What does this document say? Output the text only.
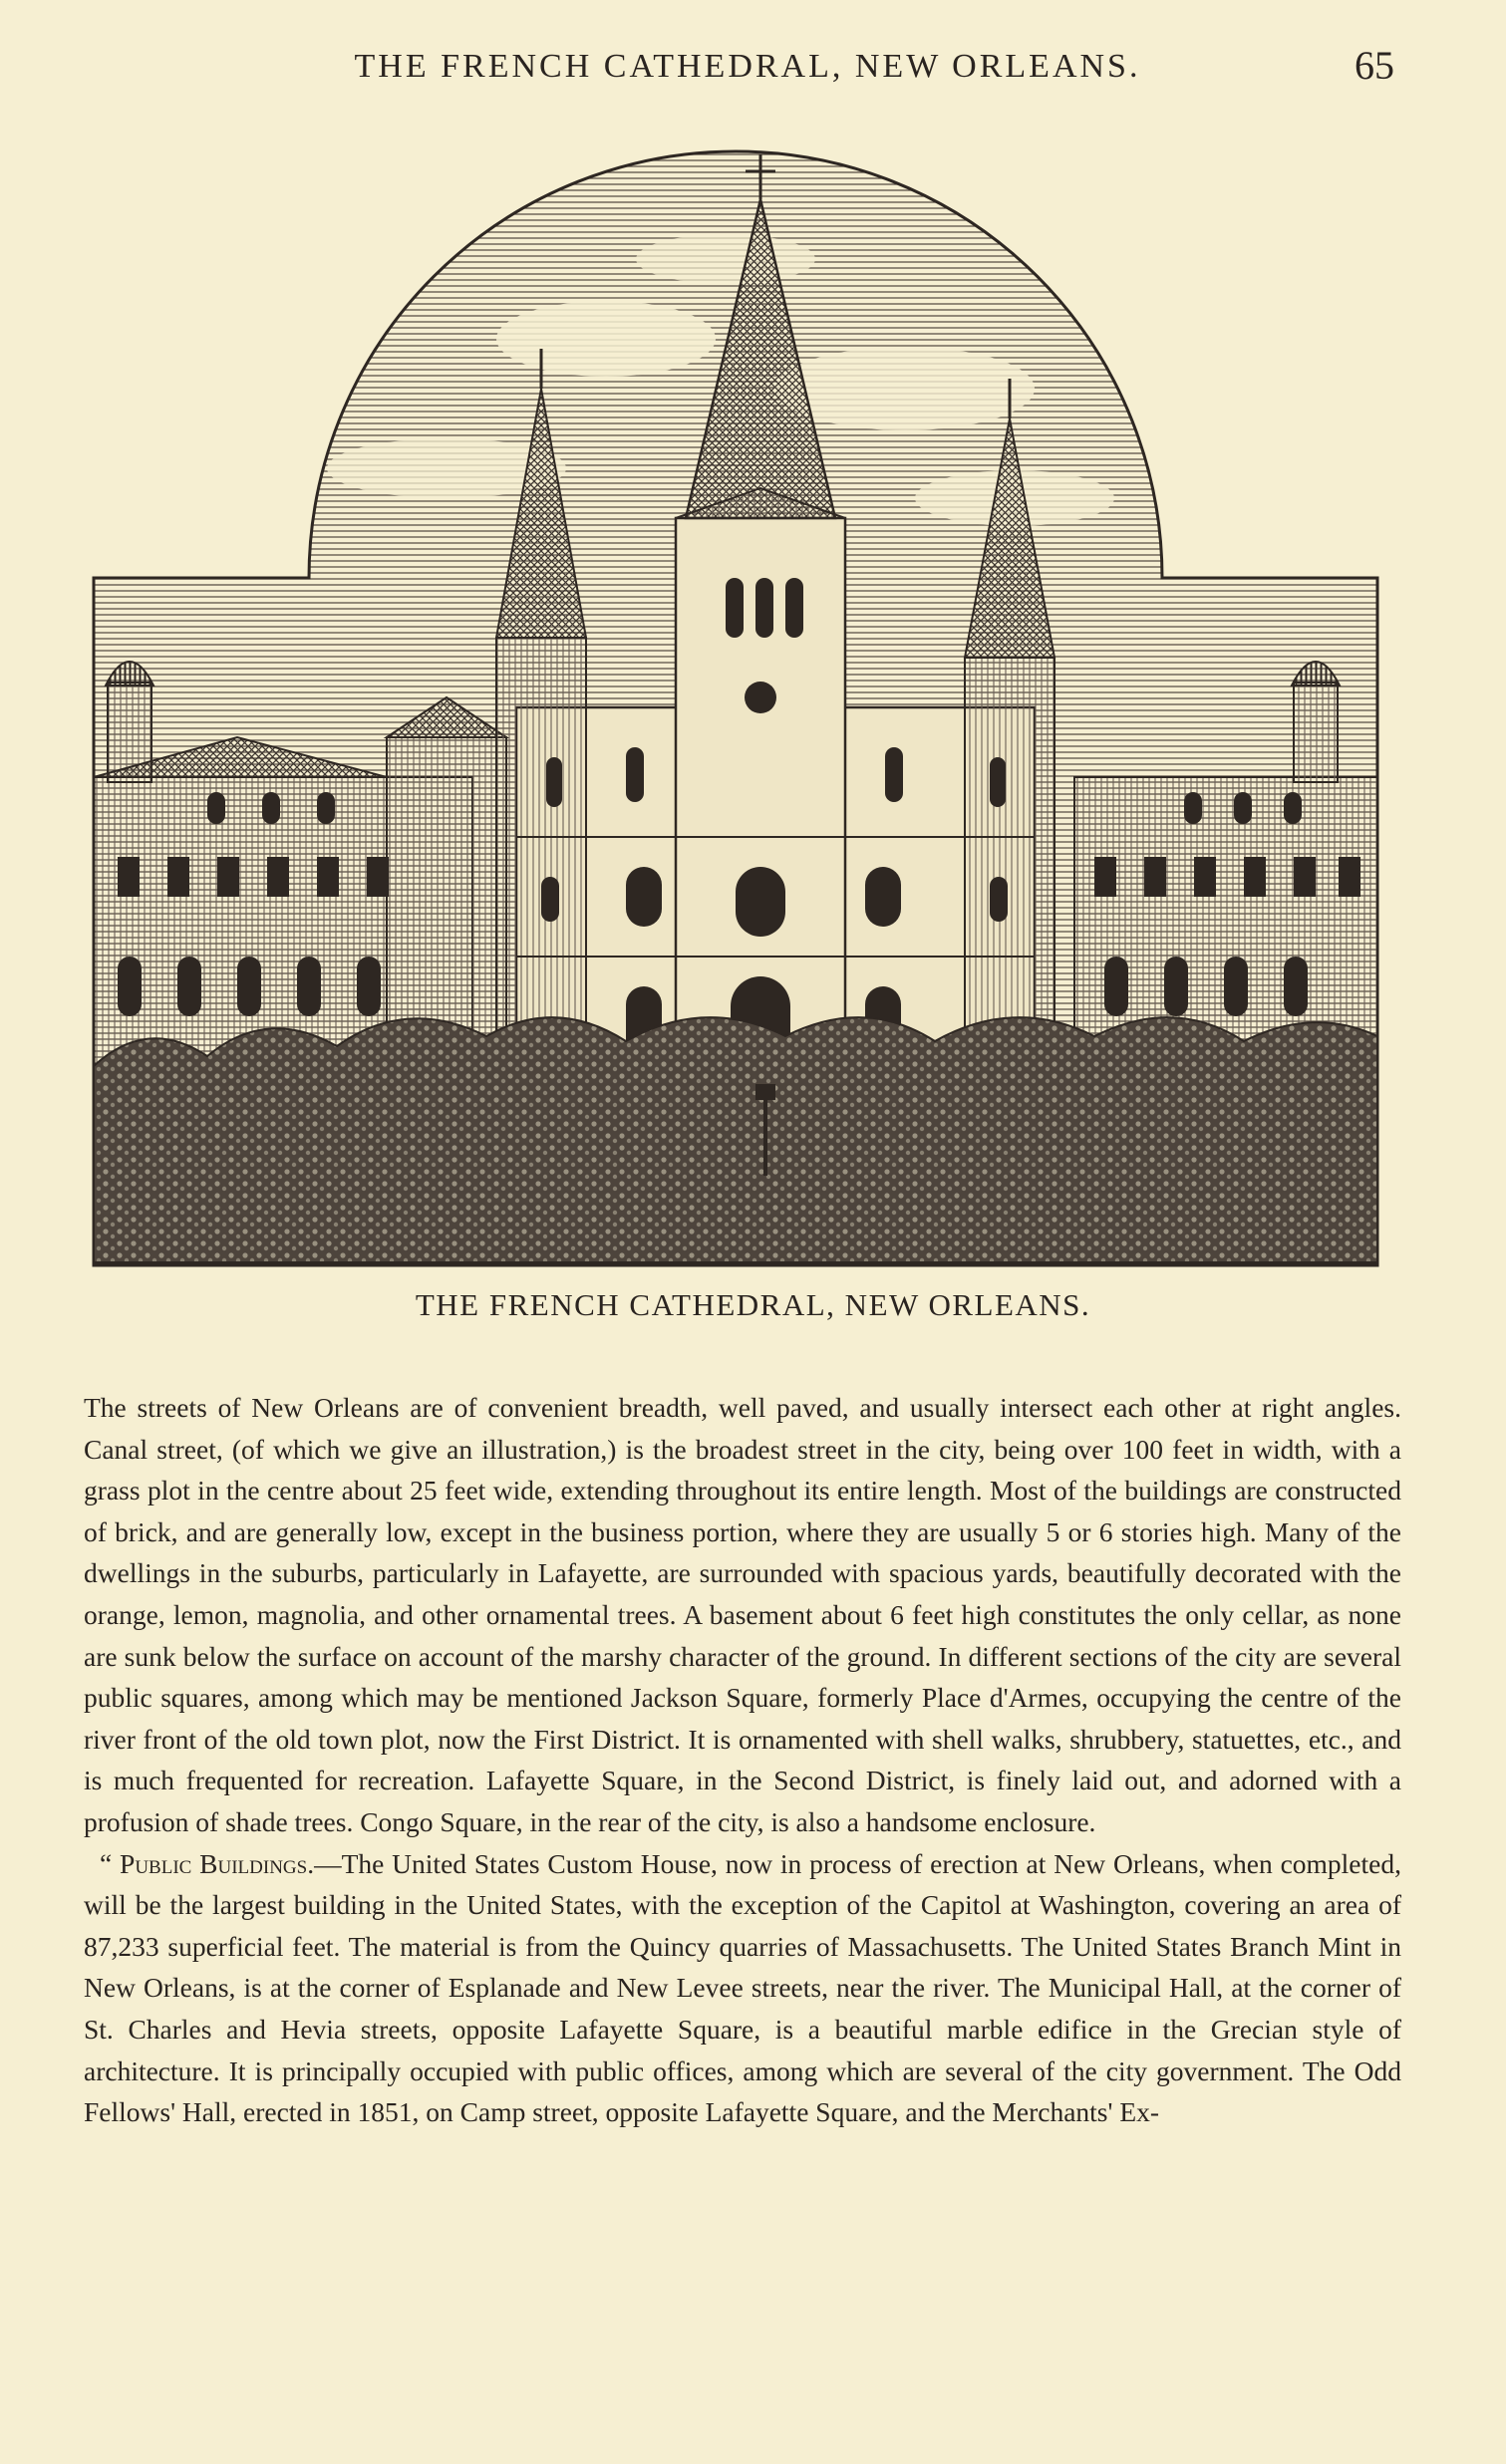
THE FRENCH CATHEDRAL, NEW ORLEANS.	65
THE FRENCH CATHEDRAL, NEW ORLEANS.

The streets of New Orleans are of convenient breadth, well paved, and usually intersect each other at right angles. Canal street, (of which we give an illustration,) is the broadest street in the city, being over 100 feet in width, with a grass plot in the centre about 25 feet wide, extending throughout its entire length. Most of the buildings are constructed of brick, and are generally low, except in the business portion, where they are usually 5 or 6 stories high. Many of the dwellings in the suburbs, particularly in Lafayette, are surrounded with spacious yards, beautifully decorated with the orange, lemon, magnolia, and other ornamental trees. A basement about 6 feet high constitutes the only cellar, as none are sunk below the surface on account of the marshy character of the ground. In different sections of the city are several public squares, among which may be mentioned Jackson Square, formerly Place d'Armes, occupying the centre of the river front of the old town plot, now the First District. It is ornamented with shell walks, shrubbery, statuettes, etc., and is much frequented for recreation. Lafayette Square, in the Second District, is finely laid out, and adorned with a profusion of shade trees. Congo Square, in the rear of the city, is also a handsome enclosure.

“ Public Buildings.—The United States Custom House, now in process of erection at New Orleans, when completed, will be the largest building in the United States, with the exception of the Capitol at Washington, covering an area of 87,233 superficial feet. The material is from the Quincy quarries of Massachusetts. The United States Branch Mint in New Orleans, is at the corner of Esplanade and New Levee streets, near the river. The Municipal Hall, at the corner of St. Charles and Hevia streets, opposite Lafayette Square, is a beautiful marble edifice in the Grecian style of architecture. It is principally occupied with public offices, among which are several of the city government. The Odd Fellows' Hall, erected in 1851, on Camp street, opposite Lafayette Square, and the Merchants' Ex-
